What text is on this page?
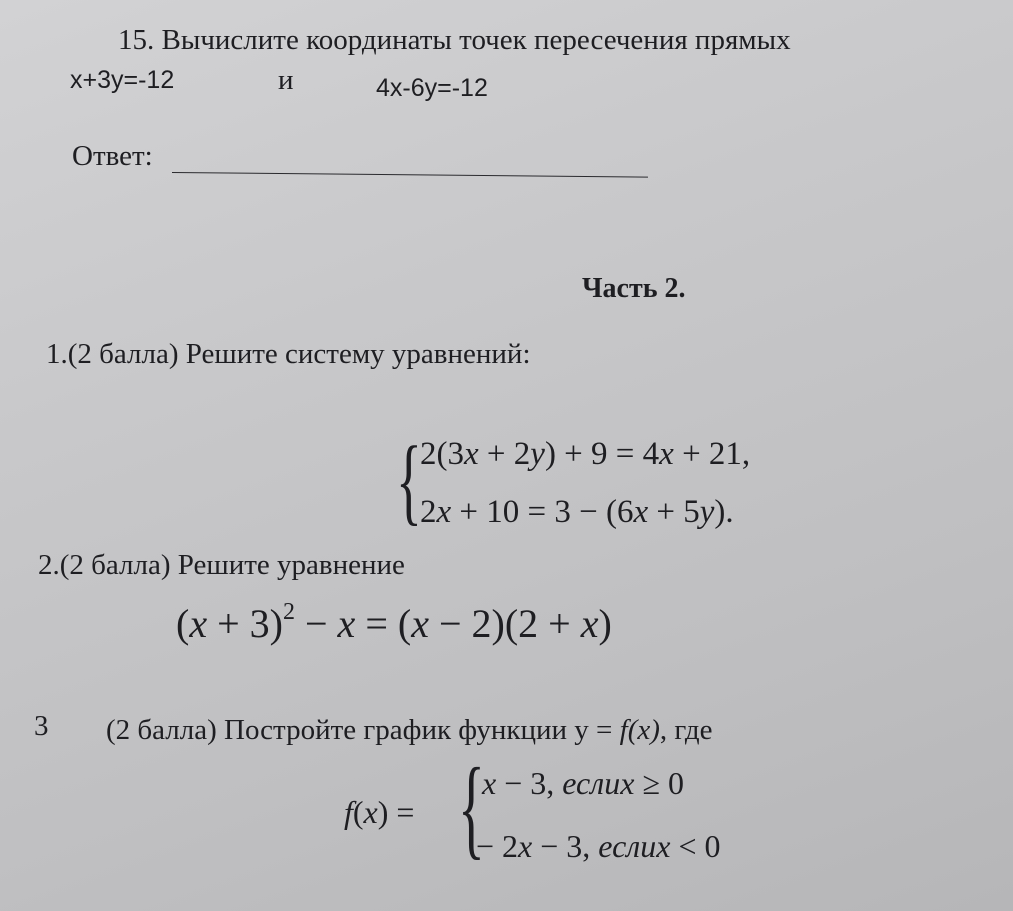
15. Вычислите координаты точек пересечения прямых
x+3y=-12	и	4x-6y=-12
Ответ:
Часть 2.
1.(2 балла) Решите систему уравнений:
{
2(3x + 2y) + 9 = 4x + 21,
2x + 10 = 3 − (6x + 5y).
2.(2 балла) Решите уравнение
$(x + 3)^2 - x = (x - 2)(2 + x)$
3 (2 балла) Постройте график функции y = f(x), где
f(x) = {
x − 3, еслиx ≥ 0
− 2x − 3, еслиx < 0
